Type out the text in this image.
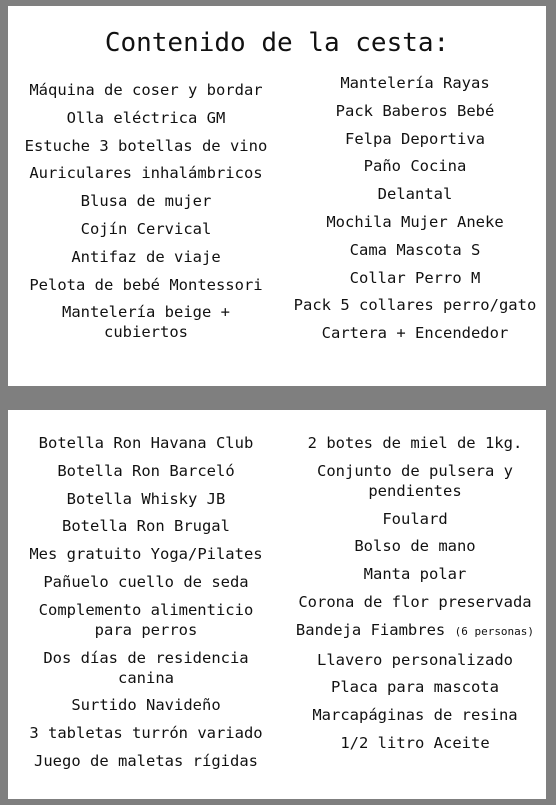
Contenido de la cesta:
Máquina de coser y bordar
Olla eléctrica GM
Estuche 3 botellas de vino
Auriculares inhalámbricos
Blusa de mujer
Cojín Cervical
Antifaz de viaje
Pelota de bebé Montessori
Mantelería beige +
cubiertos
Mantelería Rayas
Pack Baberos Bebé
Felpa Deportiva
Paño Cocina
Delantal
Mochila Mujer Aneke
Cama Mascota S
Collar Perro M
Pack 5 collares perro/gato
Cartera + Encendedor
Botella Ron Havana Club
Botella Ron Barceló
Botella Whisky JB
Botella Ron Brugal
Mes gratuito Yoga/Pilates
Pañuelo cuello de seda
Complemento alimenticio
para perros
Dos días de residencia
canina
Surtido Navideño
3 tabletas turrón variado
Juego de maletas rígidas
2 botes de miel de 1kg.
Conjunto de pulsera y
pendientes
Foulard
Bolso de mano
Manta polar
Corona de flor preservada
Bandeja Fiambres (6 personas)
Llavero personalizado
Placa para mascota
Marcapáginas de resina
1/2 litro Aceite
